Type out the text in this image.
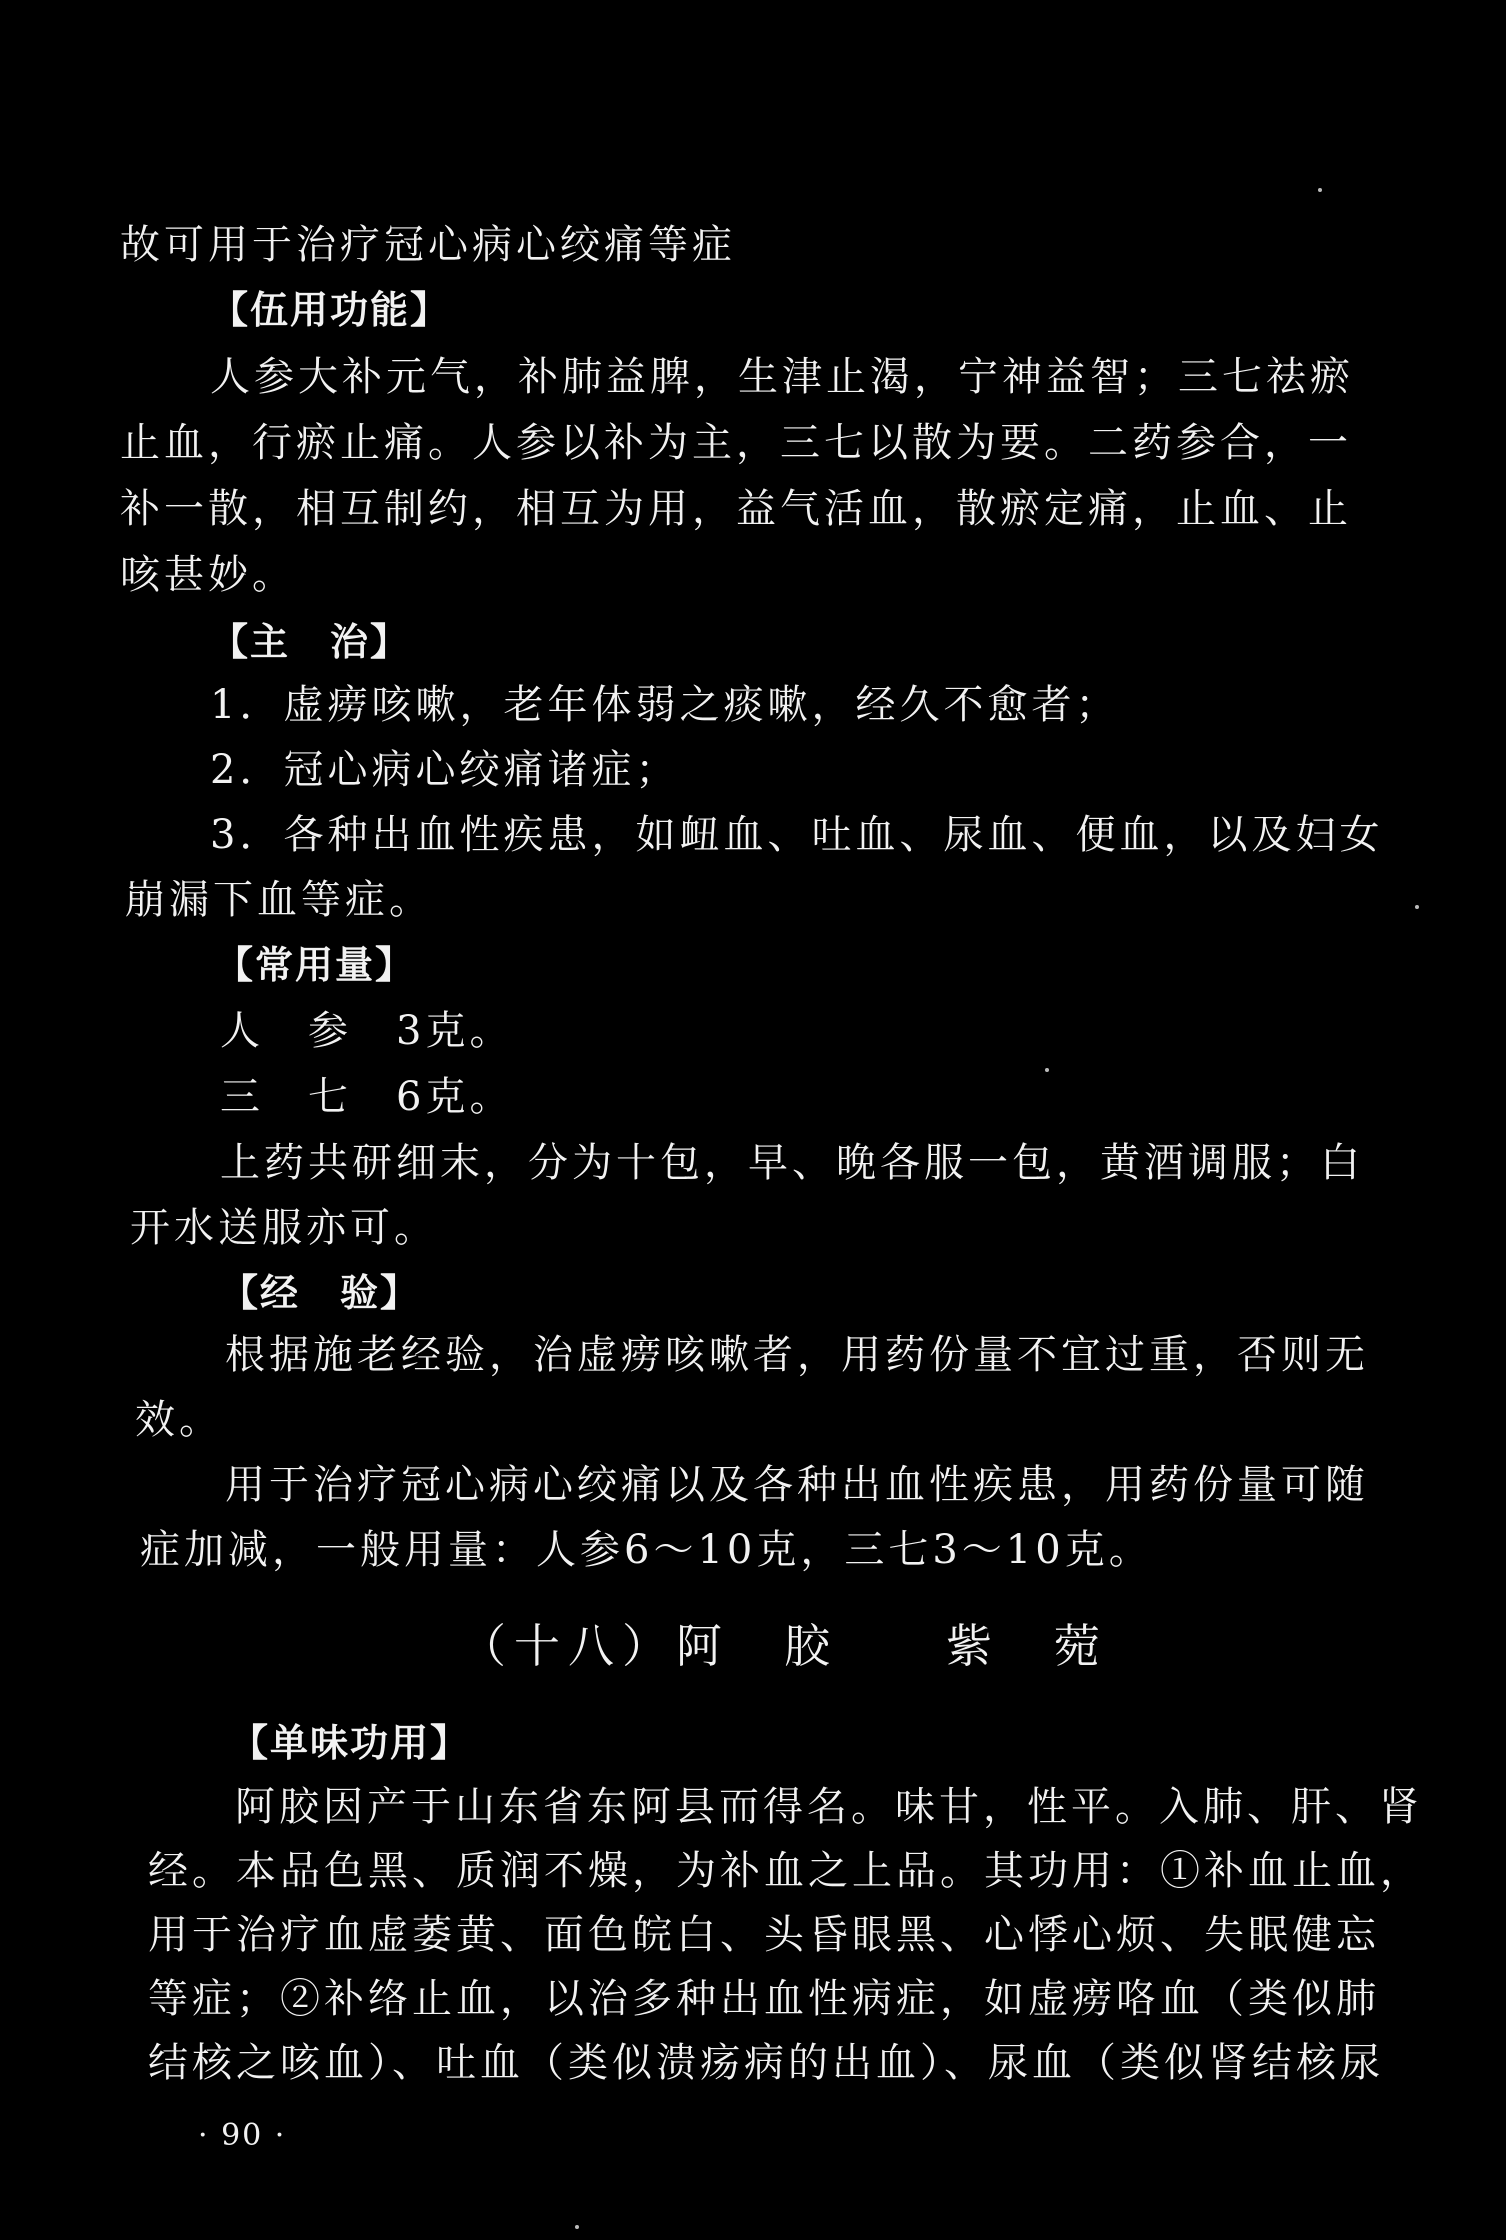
故可用于治疗冠心病心绞痛等症
【伍用功能】
人参大补元气，补肺益脾，生津止渴，宁神益智；三七祛瘀
止血，行瘀止痛。人参以补为主，三七以散为要。二药参合，一
补一散，相互制约，相互为用，益气活血，散瘀定痛，止血、止
咳甚妙。
【主　治】
1．虚痨咳嗽，老年体弱之痰嗽，经久不愈者；
2．冠心病心绞痛诸症；
3．各种出血性疾患，如衄血、吐血、尿血、便血，以及妇女
崩漏下血等症。
【常用量】
人　参　3克。
三　七　6克。
上药共研细末，分为十包，早、晚各服一包，黄酒调服；白
开水送服亦可。
【经　验】
根据施老经验，治虚痨咳嗽者，用药份量不宜过重，否则无
效。
用于治疗冠心病心绞痛以及各种出血性疾患，用药份量可随
症加减，一般用量：人参6～10克，三七3～10克。
（十八）阿　胶　　紫　菀
【单味功用】
阿胶因产于山东省东阿县而得名。味甘，性平。入肺、肝、肾
经。本品色黑、质润不燥，为补血之上品。其功用：①补血止血，
用于治疗血虚萎黄、面色皖白、头昏眼黑、心悸心烦、失眠健忘
等症；②补络止血，以治多种出血性病症，如虚痨咯血（类似肺
结核之咳血）、吐血（类似溃疡病的出血）、尿血（类似肾结核尿
· 90 ·
